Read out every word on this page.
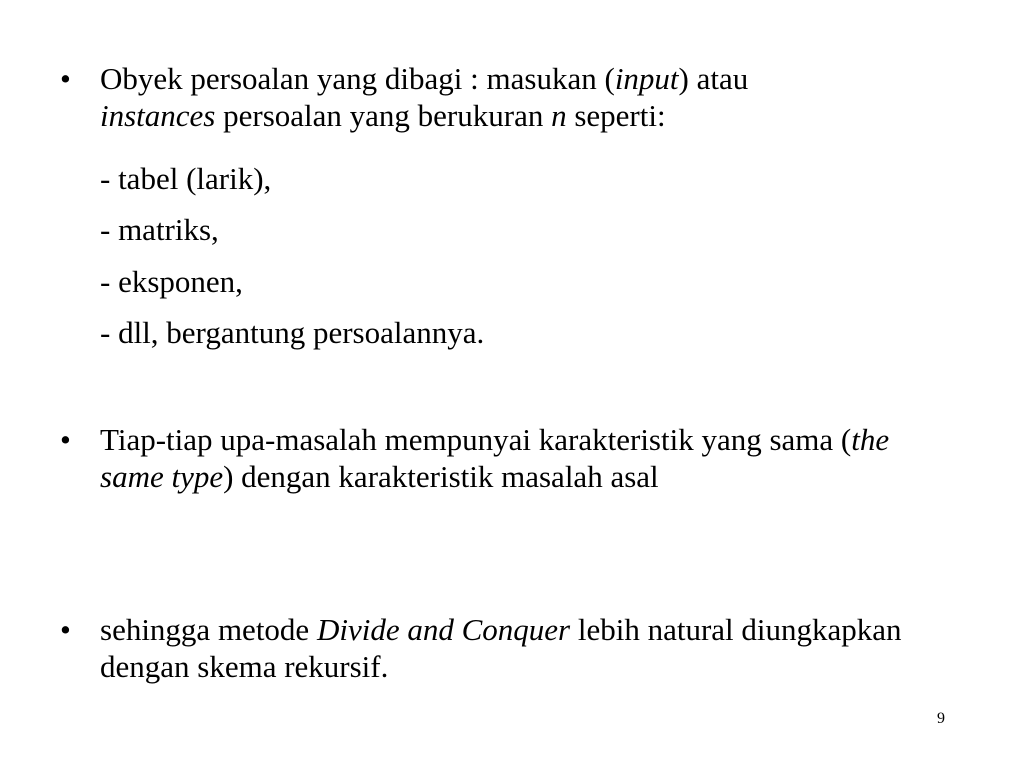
• Obyek persoalan yang dibagi : masukan (input) atau
instances persoalan yang berukuran n seperti:
- tabel (larik),
- matriks,
- eksponen,
- dll, bergantung persoalannya.
• Tiap-tiap upa-masalah mempunyai karakteristik yang sama (the same type) dengan karakteristik masalah asal
• sehingga metode Divide and Conquer lebih natural diungkapkan dengan skema rekursif.
9
